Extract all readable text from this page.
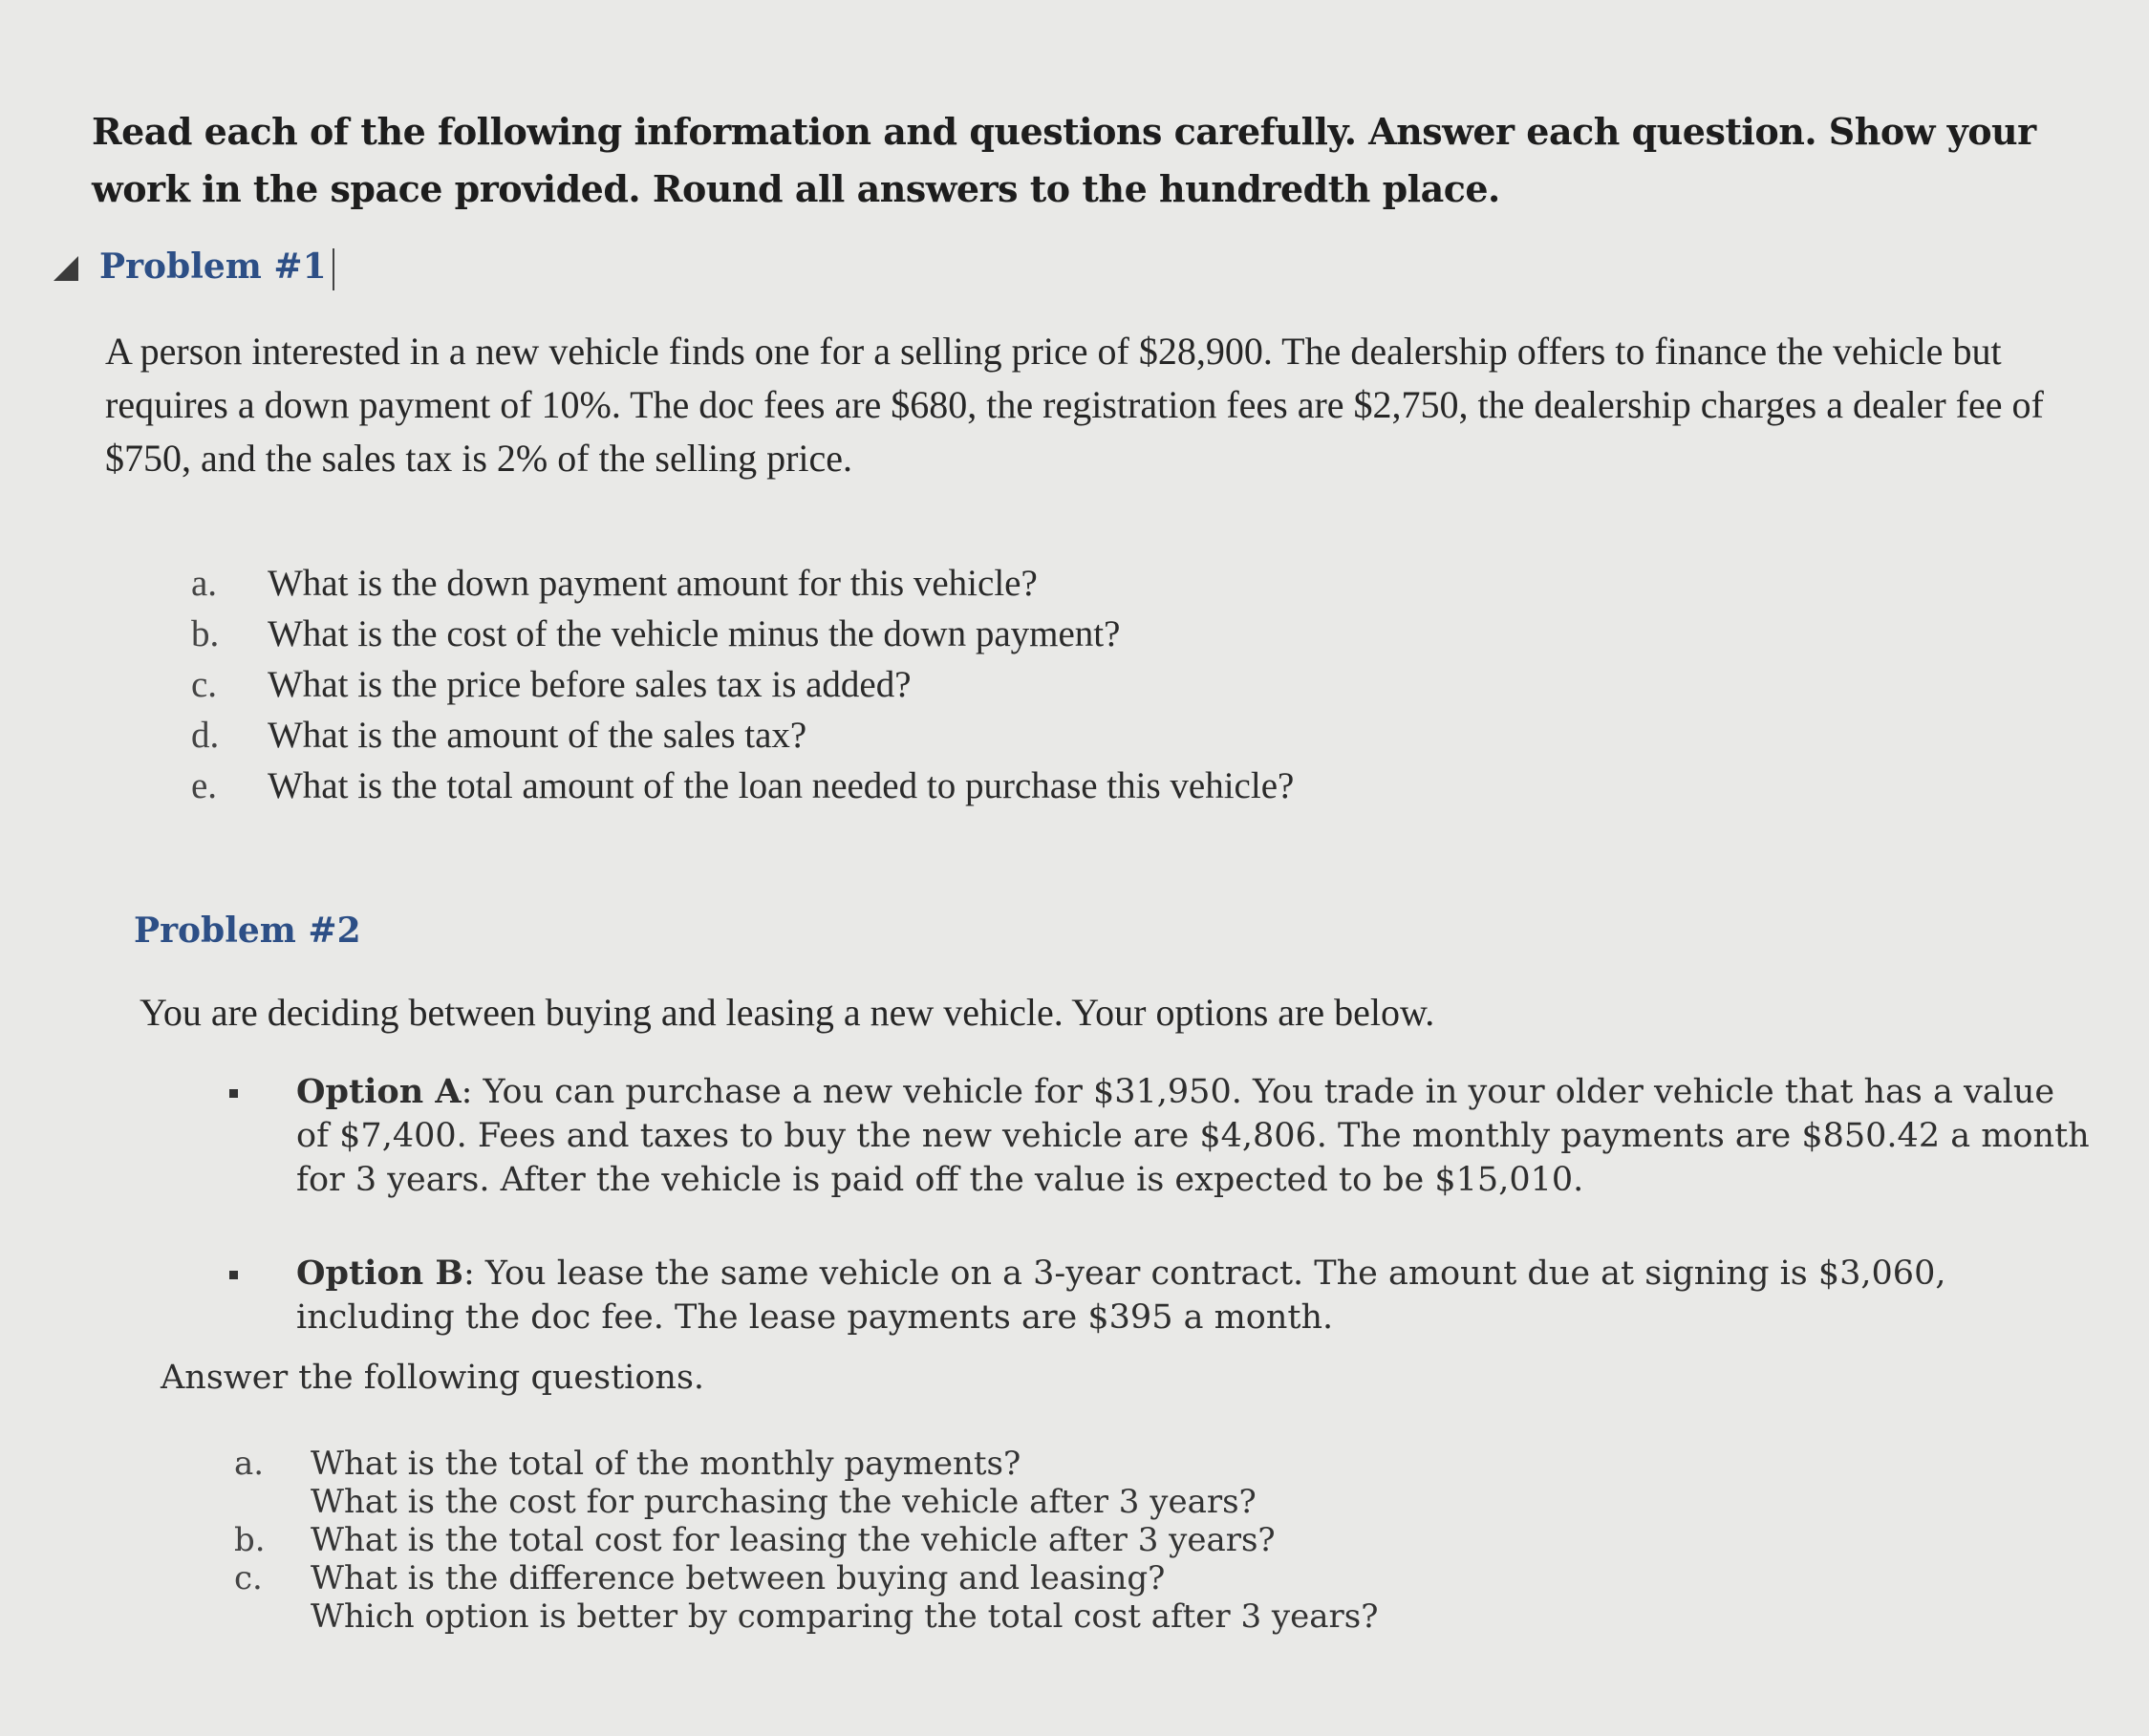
Read each of the following information and questions carefully. Answer each question. Show your work in the space provided. Round all answers to the hundredth place.
Problem #1
A person interested in a new vehicle finds one for a selling price of $28,900. The dealership offers to finance the vehicle but requires a down payment of 10%. The doc fees are $680, the registration fees are $2,750, the dealership charges a dealer fee of $750, and the sales tax is 2% of the selling price.
a.	What is the down payment amount for this vehicle?
b.	What is the cost of the vehicle minus the down payment?
c.	What is the price before sales tax is added?
d.	What is the amount of the sales tax?
e.	What is the total amount of the loan needed to purchase this vehicle?
Problem #2
You are deciding between buying and leasing a new vehicle. Your options are below.
Option A: You can purchase a new vehicle for $31,950. You trade in your older vehicle that has a value of $7,400. Fees and taxes to buy the new vehicle are $4,806. The monthly payments are $850.42 a month for 3 years. After the vehicle is paid off the value is expected to be $15,010.
Option B: You lease the same vehicle on a 3-year contract. The amount due at signing is $3,060, including the doc fee. The lease payments are $395 a month.
Answer the following questions.
a.	What is the total of the monthly payments?
What is the cost for purchasing the vehicle after 3 years?
b.	What is the total cost for leasing the vehicle after 3 years?
c.	What is the difference between buying and leasing?
Which option is better by comparing the total cost after 3 years?
